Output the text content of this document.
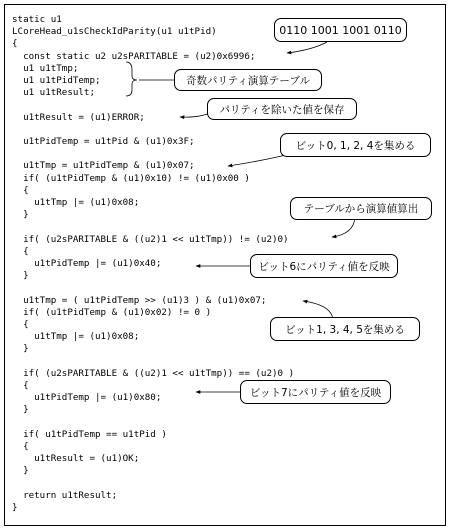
static u1
LCoreHead_u1sCheckIdParity(u1 u1tPid)
{
const static u2 u2sPARITABLE = (u2)0x6996;
u1 u1tTmp;
u1 u1tPidTemp;
u1 u1tResult;
u1tResult = (u1)ERROR;
u1tPidTemp = u1tPid & (u1)0x3F;
u1tTmp = u1tPidTemp & (u1)0x07;
if( (u1tPidTemp & (u1)0x10) != (u1)0x00 )
{
u1tTmp |= (u1)0x08;
}
if( (u2sPARITABLE & ((u2)1 << u1tTmp)) != (u2)0)
{
u1tPidTemp |= (u1)0x40;
}
u1tTmp = ( u1tPidTemp >> (u1)3 ) & (u1)0x07;
if( (u1tPidTemp & (u1)0x02) != 0 )
{
u1tTmp |= (u1)0x08;
}
if( (u2sPARITABLE & ((u2)1 << u1tTmp)) == (u2)0 )
{
u1tPidTemp |= (u1)0x80;
}
if( u1tPidTemp == u1tPid )
{
u1tResult = (u1)OK;
}
return u1tResult;
}
0110 1001 1001 0110
奇数パリティ演算テーブル
パリティを除いた値を保存
ビット0, 1, 2, 4を集める
テーブルから演算値算出
ビット6にパリティ値を反映
ビット1, 3, 4, 5を集める
ビット7にパリティ値を反映
